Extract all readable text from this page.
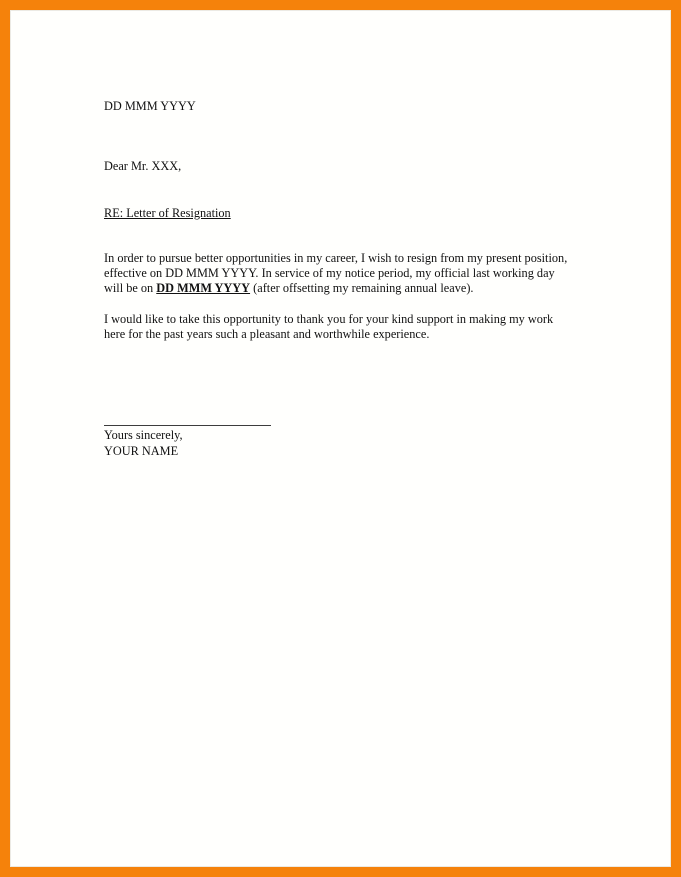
DD MMM YYYY

Dear Mr. XXX,

RE: Letter of Resignation

In order to pursue better opportunities in my career, I wish to resign from my present position, effective on DD MMM YYYY. In service of my notice period, my official last working day will be on DD MMM YYYY (after offsetting my remaining annual leave).

I would like to take this opportunity to thank you for your kind support in making my work here for the past years such a pleasant and worthwhile experience.

Yours sincerely,

YOUR NAME
